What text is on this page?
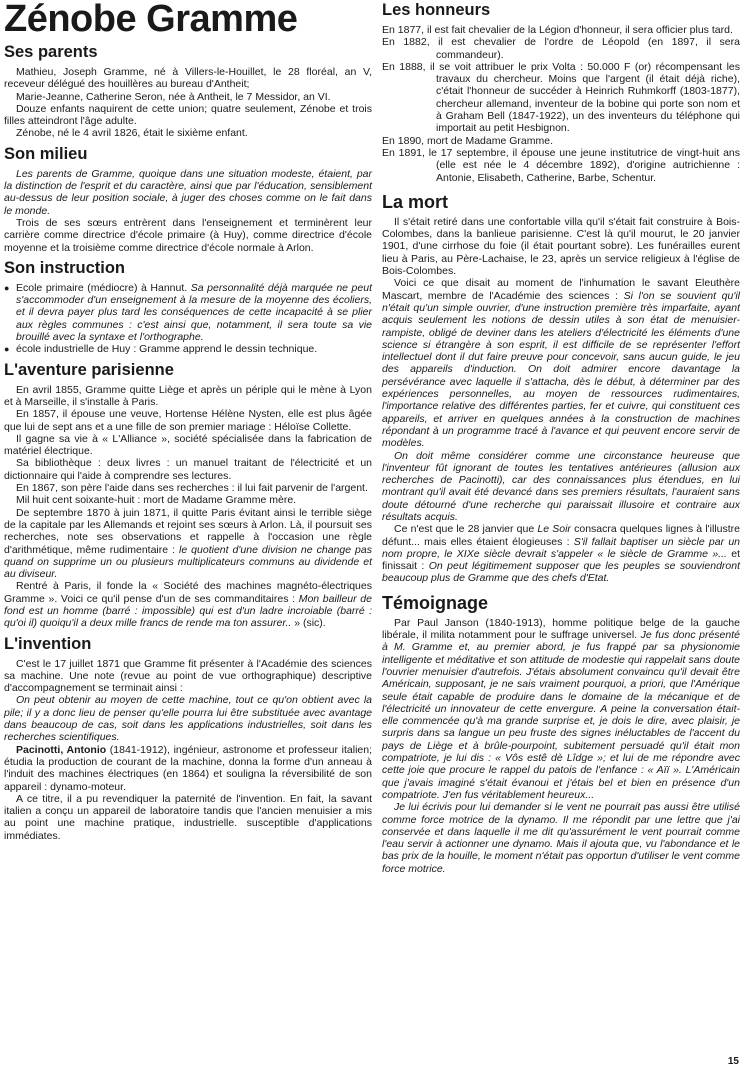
Zénobe Gramme
Ses parents

Mathieu, Joseph Gramme, né à Villers-le-Houillet, le 28 floréal, an V, receveur délégué des houillères au bureau d'Antheit;

Marie-Jeanne, Catherine Seron, née à Antheit, le 7 Messidor, an VI.

Douze enfants naquirent de cette union; quatre seulement, Zénobe et trois filles atteindront l'âge adulte.

Zénobe, né le 4 avril 1826, était le sixième enfant.

Son milieu

Les parents de Gramme, quoique dans une situation modeste, étaient, par la distinction de l'esprit et du caractère, ainsi que par l'éducation, sensiblement au-dessus de leur position sociale, à juger des choses comme on le fait dans le monde.

Trois de ses sœurs entrèrent dans l'enseignement et terminèrent leur carrière comme directrice d'école primaire (à Huy), comme directrice d'école moyenne et la troisième comme directrice d'école normale à Arlon.

Son instruction
● Ecole primaire (médiocre) à Hannut. Sa personnalité déjà marquée ne peut s'accommoder d'un enseignement à la mesure de la moyenne des écoliers, et il devra payer plus tard les conséquences de cette incapacité à se plier aux règles communes : c'est ainsi que, notamment, il sera toute sa vie brouillé avec la syntaxe et l'orthographe.
● école industrielle de Huy : Gramme apprend le dessin technique.
L'aventure parisienne

En avril 1855, Gramme quitte Liège et après un périple qui le mène à Lyon et à Marseille, il s'installe à Paris.

En 1857, il épouse une veuve, Hortense Hélène Nysten, elle est plus âgée que lui de sept ans et a une fille de son premier mariage : Héloïse Collette.

Il gagne sa vie à « L'Alliance », société spécialisée dans la fabrication de matériel électrique.

Sa bibliothèque : deux livres : un manuel traitant de l'électricité et un dictionnaire qui l'aide à comprendre ses lectures.

En 1867, son père l'aide dans ses recherches : il lui fait parvenir de l'argent.

Mil huit cent soixante-huit : mort de Madame Gramme mère.

De septembre 1870 à juin 1871, il quitte Paris évitant ainsi le terrible siège de la capitale par les Allemands et rejoint ses sœurs à Arlon. Là, il poursuit ses recherches, note ses observations et rappelle à l'occasion une règle d'arithmétique, même rudimentaire : le quotient d'une division ne change pas quand on supprime un ou plusieurs multiplicateurs communs au dividende et au diviseur.

Rentré à Paris, il fonde la « Société des machines magnéto-électriques Gramme ». Voici ce qu'il pense d'un de ses commanditaires : Mon bailleur de fond est un homme (barré : impossible) qui est d'un ladre incroiable (barré : qu'oi il) quoiqu'il a deux mille francs de rende ma ton assurer.. » (sic).

L'invention

C'est le 17 juillet 1871 que Gramme fit présenter à l'Académie des sciences sa machine. Une note (revue au point de vue orthographique) descriptive d'accompagnement se terminait ainsi :

On peut obtenir au moyen de cette machine, tout ce qu'on obtient avec la pile; il y a donc lieu de penser qu'elle pourra lui être substituée avec avantage dans beaucoup de cas, soit dans les applications industrielles, soit dans les recherches scientifiques.

Pacinotti, Antonio (1841-1912), ingénieur, astronome et professeur italien; étudia la production de courant de la machine, donna la forme d'un anneau à l'induit des machines électriques (en 1864) et souligna la réversibilité de son appareil : dynamo-moteur.

A ce titre, il a pu revendiquer la paternité de l'invention. En fait, la savant italien a conçu un appareil de laboratoire tandis que l'ancien menuisier a mis au point une machine pratique, industrielle. susceptible d'applications immédiates.

Les honneurs

En 1877, il est fait chevalier de la Légion d'honneur, il sera officier plus tard.

En 1882, il est chevalier de l'ordre de Léopold (en 1897, il sera commandeur).

En 1888, il se voit attribuer le prix Volta : 50.000 F (or) récompensant les travaux du chercheur. Moins que l'argent (il était déjà riche), c'était l'honneur de succéder à Heinrich Ruhmkorff (1803-1877), chercheur allemand, inventeur de la bobine qui porte son nom et à Graham Bell (1847-1922), un des inventeurs du téléphone qui importait au petit Hesbignon.

En 1890, mort de Madame Gramme.

En 1891, le 17 septembre, il épouse une jeune institutrice de vingt-huit ans (elle est née le 4 décembre 1892), d'origine autrichienne : Antonie, Elisabeth, Catherine, Barbe, Schentur.

La mort

Il s'était retiré dans une confortable villa qu'il s'était fait construire à Bois-Colombes, dans la banlieue parisienne. C'est là qu'il mourut, le 20 janvier 1901, d'une cirrhose du foie (il était pourtant sobre). Les funérailles eurent lieu à Paris, au Père-Lachaise, le 23, après un service religieux à l'église de Bois-Colombes.

Voici ce que disait au moment de l'inhumation le savant Eleuthère Mascart, membre de l'Académie des sciences : Si l'on se souvient qu'il n'était qu'un simple ouvrier, d'une instruction première très imparfaite, ayant acquis seulement les notions de dessin utiles à son état de menuisier-rampiste, obligé de deviner dans les ateliers d'électricité les éléments d'une science si étrangère à son esprit, il est difficile de se représenter l'effort intellectuel dont il dut faire preuve pour concevoir, sans aucun guide, le jeu des appareils d'induction. On doit admirer encore davantage la persévérance avec laquelle il s'attacha, dès le début, à déterminer par des expériences personnelles, au moyen de ressources rudimentaires, l'importance relative des différentes parties, fer et cuivre, qui constituent ces appareils, et arriver en quelques années à la construction de machines répondant à un programme tracé à l'avance et qui peuvent encore servir de modèles.

On doit même considérer comme une circonstance heureuse que l'inventeur fût ignorant de toutes les tentatives antérieures (allusion aux recherches de Pacinotti), car des connaissances plus étendues, en lui montrant qu'il avait été devancé dans ses premiers résultats, l'auraient sans doute détourné d'une recherche qui paraissait illusoire et contraire aux résultats acquis.

Ce n'est que le 28 janvier que Le Soir consacra quelques lignes à l'illustre défunt... mais elles étaient élogieuses : S'il fallait baptiser un siècle par un nom propre, le XIXe siècle devrait s'appeler « le siècle de Gramme »... et finissait : On peut légitimement supposer que les peuples se souviendront beaucoup plus de Gramme que des chefs d'Etat.

Témoignage

Par Paul Janson (1840-1913), homme politique belge de la gauche libérale, il milita notamment pour le suffrage universel. Je fus donc présenté à M. Gramme et, au premier abord, je fus frappé par sa physionomie intelligente et méditative et son attitude de modestie qui rappelait sans doute l'ouvrier menuisier d'autrefois. J'étais absolument convaincu qu'il devait être Américain, supposant, je ne sais vraiment pourquoi, a priori, que l'Amérique seule était capable de produire dans le domaine de la mécanique et de l'électricité un innovateur de cette envergure. A peine la conversation était-elle commencée qu'à ma grande surprise et, je dois le dire, avec plaisir, je surpris dans sa langue un peu fruste des signes inéluctables de l'accent du pays de Liège et à brûle-pourpoint, subitement persuadé qu'il était mon compatriote, je lui dis : « Vôs estê dè Lîdge »; et lui de me répondre avec cette joie que procure le rappel du patois de l'enfance : « Aïï ». L'Américain que j'avais imaginé s'était évanoui et j'étais bel et bien en présence d'un compatriote. J'en fus véritablement heureux...

Je lui écrivis pour lui demander si le vent ne pourrait pas aussi être utilisé comme force motrice de la dynamo. Il me répondit par une lettre que j'ai conservée et dans laquelle il me dit qu'assurément le vent pourrait comme l'eau servir à actionner une dynamo. Mais il ajouta que, vu l'abondance et le bas prix de la houille, le moment n'était pas opportun d'utiliser le vent comme force motrice.

15
